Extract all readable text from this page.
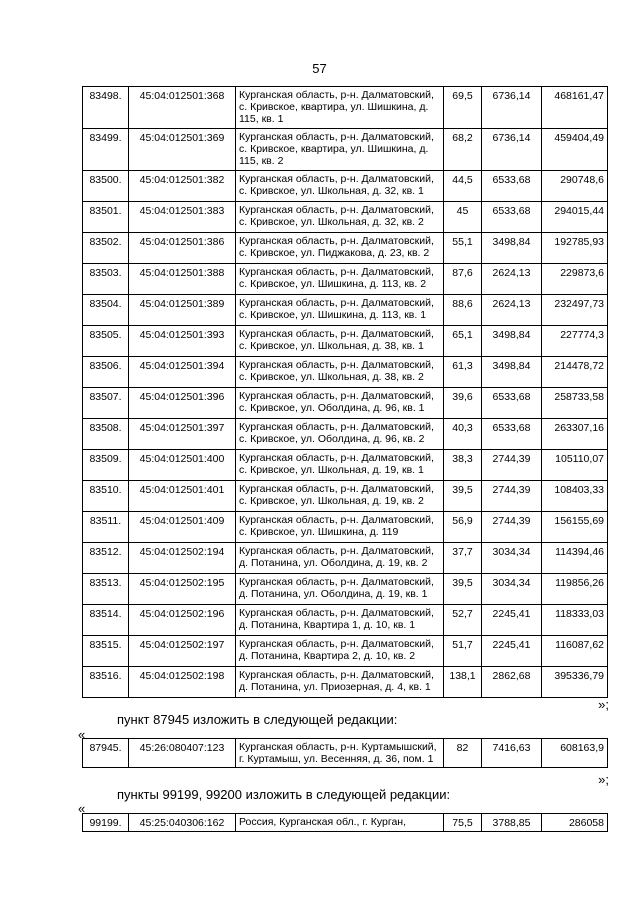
57
83498.	45:04:012501:368	Курганская область, р-н. Далматовский, с. Кривское, квартира, ул. Шишкина, д. 115, кв. 1	69,5	6736,14	468161,47
83499.	45:04:012501:369	Курганская область, р-н. Далматовский, с. Кривское, квартира, ул. Шишкина, д. 115, кв. 2	68,2	6736,14	459404,49
83500.	45:04:012501:382	Курганская область, р-н. Далматовский, с. Кривское, ул. Школьная, д. 32, кв. 1	44,5	6533,68	290748,6
83501.	45:04:012501:383	Курганская область, р-н. Далматовский, с. Кривское, ул. Школьная, д. 32, кв. 2	45	6533,68	294015,44
83502.	45:04:012501:386	Курганская область, р-н. Далматовский, с. Кривское, ул. Пиджакова, д. 23, кв. 2	55,1	3498,84	192785,93
83503.	45:04:012501:388	Курганская область, р-н. Далматовский, с. Кривское, ул. Шишкина, д. 113, кв. 2	87,6	2624,13	229873,6
83504.	45:04:012501:389	Курганская область, р-н. Далматовский, с. Кривское, ул. Шишкина, д. 113, кв. 1	88,6	2624,13	232497,73
83505.	45:04:012501:393	Курганская область, р-н. Далматовский, с. Кривское, ул. Школьная, д. 38, кв. 1	65,1	3498,84	227774,3
83506.	45:04:012501:394	Курганская область, р-н. Далматовский, с. Кривское, ул. Школьная, д. 38, кв. 2	61,3	3498,84	214478,72
83507.	45:04:012501:396	Курганская область, р-н. Далматовский, с. Кривское, ул. Оболдина, д. 96, кв. 1	39,6	6533,68	258733,58
83508.	45:04:012501:397	Курганская область, р-н. Далматовский, с. Кривское, ул. Оболдина, д. 96, кв. 2	40,3	6533,68	263307,16
83509.	45:04:012501:400	Курганская область, р-н. Далматовский, с. Кривское, ул. Школьная, д. 19, кв. 1	38,3	2744,39	105110,07
83510.	45:04:012501:401	Курганская область, р-н. Далматовский, с. Кривское, ул. Школьная, д. 19, кв. 2	39,5	2744,39	108403,33
83511.	45:04:012501:409	Курганская область, р-н. Далматовский, с. Кривское, ул. Шишкина, д. 119	56,9	2744,39	156155,69
83512.	45:04:012502:194	Курганская область, р-н. Далматовский, д. Потанина, ул. Оболдина, д. 19, кв. 2	37,7	3034,34	114394,46
83513.	45:04:012502:195	Курганская область, р-н. Далматовский, д. Потанина, ул. Оболдина, д. 19, кв. 1	39,5	3034,34	119856,26
83514.	45:04:012502:196	Курганская область, р-н. Далматовский, д. Потанина, Квартира 1, д. 10, кв. 1	52,7	2245,41	118333,03
83515.	45:04:012502:197	Курганская область, р-н. Далматовский, д. Потанина, Квартира 2, д. 10, кв. 2	51,7	2245,41	116087,62
83516.	45:04:012502:198	Курганская область, р-н. Далматовский, д. Потанина, ул. Приозерная, д. 4, кв. 1	138,1	2862,68	395336,79
»;
пункт 87945 изложить в следующей редакции:
«
87945.	45:26:080407:123	Курганская область, р-н. Куртамышский, г. Куртамыш, ул. Весенняя, д. 36, пом. 1	82	7416,63	608163,9
»;
пункты 99199, 99200 изложить в следующей редакции:
«
99199.	45:25:040306:162	Россия, Курганская обл., г. Курган,	75,5	3788,85	286058
